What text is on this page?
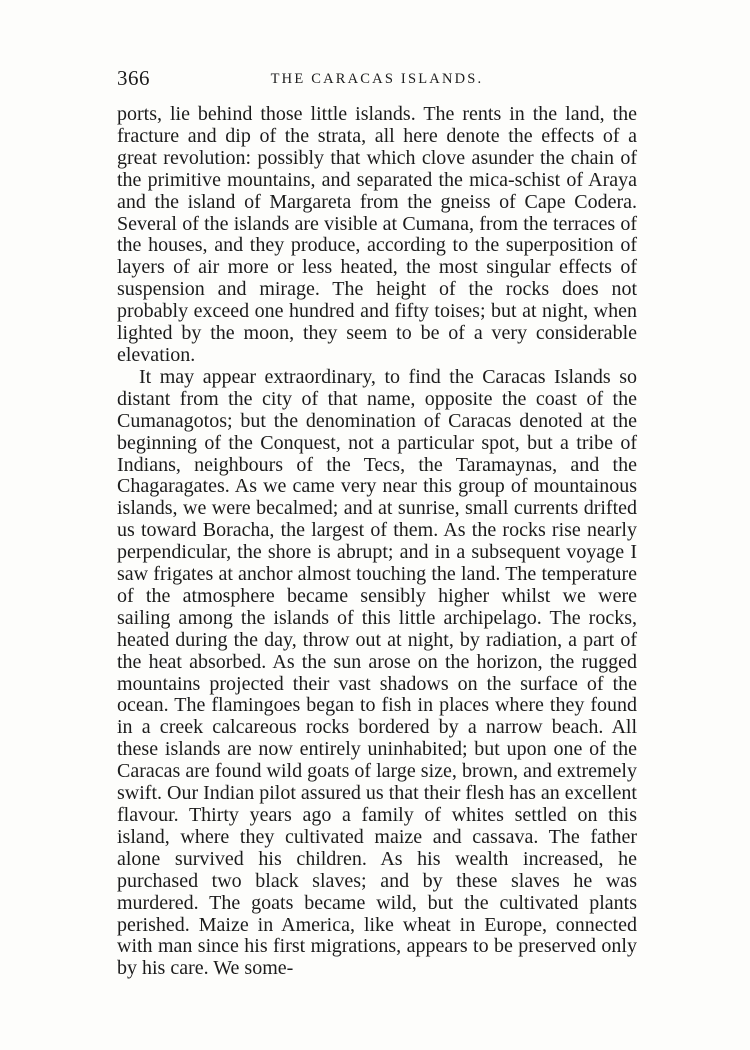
366	THE CARACAS ISLANDS.

ports, lie behind those little islands. The rents in the land, the fracture and dip of the strata, all here denote the effects of a great revolution: possibly that which clove asunder the chain of the primitive mountains, and separated the mica-schist of Araya and the island of Margareta from the gneiss of Cape Codera. Several of the islands are visible at Cumana, from the terraces of the houses, and they produce, according to the superposition of layers of air more or less heated, the most singular effects of suspension and mirage. The height of the rocks does not probably exceed one hundred and fifty toises; but at night, when lighted by the moon, they seem to be of a very considerable elevation.

It may appear extraordinary, to find the Caracas Islands so distant from the city of that name, opposite the coast of the Cumanagotos; but the denomination of Caracas denoted at the beginning of the Conquest, not a particular spot, but a tribe of Indians, neighbours of the Tecs, the Taramaynas, and the Chagaragates. As we came very near this group of mountainous islands, we were becalmed; and at sunrise, small currents drifted us toward Boracha, the largest of them. As the rocks rise nearly perpendicular, the shore is abrupt; and in a subsequent voyage I saw frigates at anchor almost touching the land. The temperature of the atmosphere became sensibly higher whilst we were sailing among the islands of this little archipelago. The rocks, heated during the day, throw out at night, by radiation, a part of the heat absorbed. As the sun arose on the horizon, the rugged mountains projected their vast shadows on the surface of the ocean. The flamingoes began to fish in places where they found in a creek calcareous rocks bordered by a narrow beach. All these islands are now entirely uninhabited; but upon one of the Caracas are found wild goats of large size, brown, and extremely swift. Our Indian pilot assured us that their flesh has an excellent flavour. Thirty years ago a family of whites settled on this island, where they cultivated maize and cassava. The father alone survived his children. As his wealth increased, he purchased two black slaves; and by these slaves he was murdered. The goats became wild, but the cultivated plants perished. Maize in America, like wheat in Europe, connected with man since his first migrations, appears to be preserved only by his care. We some-
